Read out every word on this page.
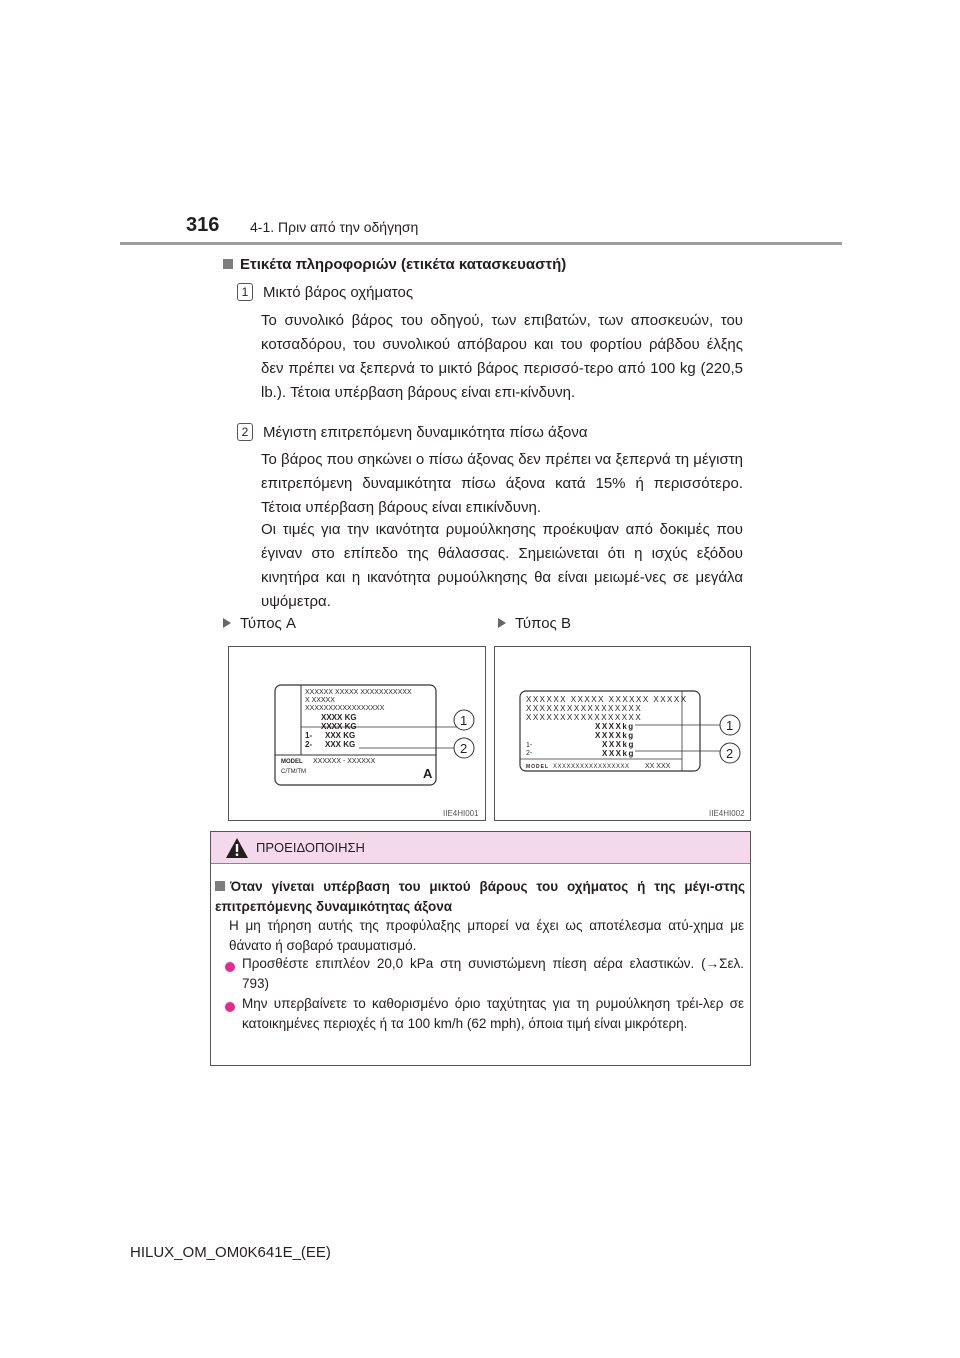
316 4-1. Πριν από την οδήγηση
Ετικέτα πληροφοριών (ετικέτα κατασκευαστή)
1 Μικτό βάρος οχήματος
Το συνολικό βάρος του οδηγού, των επιβατών, των αποσκευών, του κοτσαδόρου, του συνολικού απόβαρου και του φορτίου ράβδου έλξης δεν πρέπει να ξεπερνά το μικτό βάρος περισσό-τερο από 100 kg (220,5 lb.). Τέτοια υπέρβαση βάρους είναι επι-κίνδυνη.
2 Μέγιστη επιτρεπόμενη δυναμικότητα πίσω άξονα
Το βάρος που σηκώνει ο πίσω άξονας δεν πρέπει να ξεπερνά τη μέγιστη επιτρεπόμενη δυναμικότητα πίσω άξονα κατά 15% ή περισσότερο. Τέτοια υπέρβαση βάρους είναι επικίνδυνη.
Οι τιμές για την ικανότητα ρυμούλκησης προέκυψαν από δοκιμές που έγιναν στο επίπεδο της θάλασσας. Σημειώνεται ότι η ισχύς εξόδου κινητήρα και η ικανότητα ρυμούλκησης θα είναι μειωμέ-νες σε μεγάλα υψόμετρα.
Τύπος A	Τύπος B
XXXXXX XXXXX XXXXXXXXXXX
X XXXXX
XXXXXXXXXXXXXXXXX
XXXX KG
XXXX KG
XXX KG
XXX KG
1-
2-
MODEL XXXXXX - XXXXXX
C/TM/TM	A
1
2
IIE4HI001
XXXXXX XXXXX XXXXXX XXXXX
XXXXXXXXXXXXXXXXX
XXXXXXXXXXXXXXXXX
XXXXkg
XXXXkg
XXXkg
XXXkg
1-
2-
MODEL XXXXXXXXXXXXXXXXX XX XXX
1
2
IIE4HI002
ΠΡΟΕΙΔΟΠΟΙΗΣΗ
Όταν γίνεται υπέρβαση του μικτού βάρους του οχήματος ή της μέγι-στης επιτρεπόμενης δυναμικότητας άξονα
Η μη τήρηση αυτής της προφύλαξης μπορεί να έχει ως αποτέλεσμα ατύ-χημα με θάνατο ή σοβαρό τραυματισμό.
Προσθέστε επιπλέον 20,0 kPa στη συνιστώμενη πίεση αέρα ελαστικών. (→Σελ. 793)
Μην υπερβαίνετε το καθορισμένο όριο ταχύτητας για τη ρυμούλκηση τρέι-λερ σε κατοικημένες περιοχές ή τα 100 km/h (62 mph), όποια τιμή είναι μικρότερη.
HILUX_OM_OM0K641E_(EE)
